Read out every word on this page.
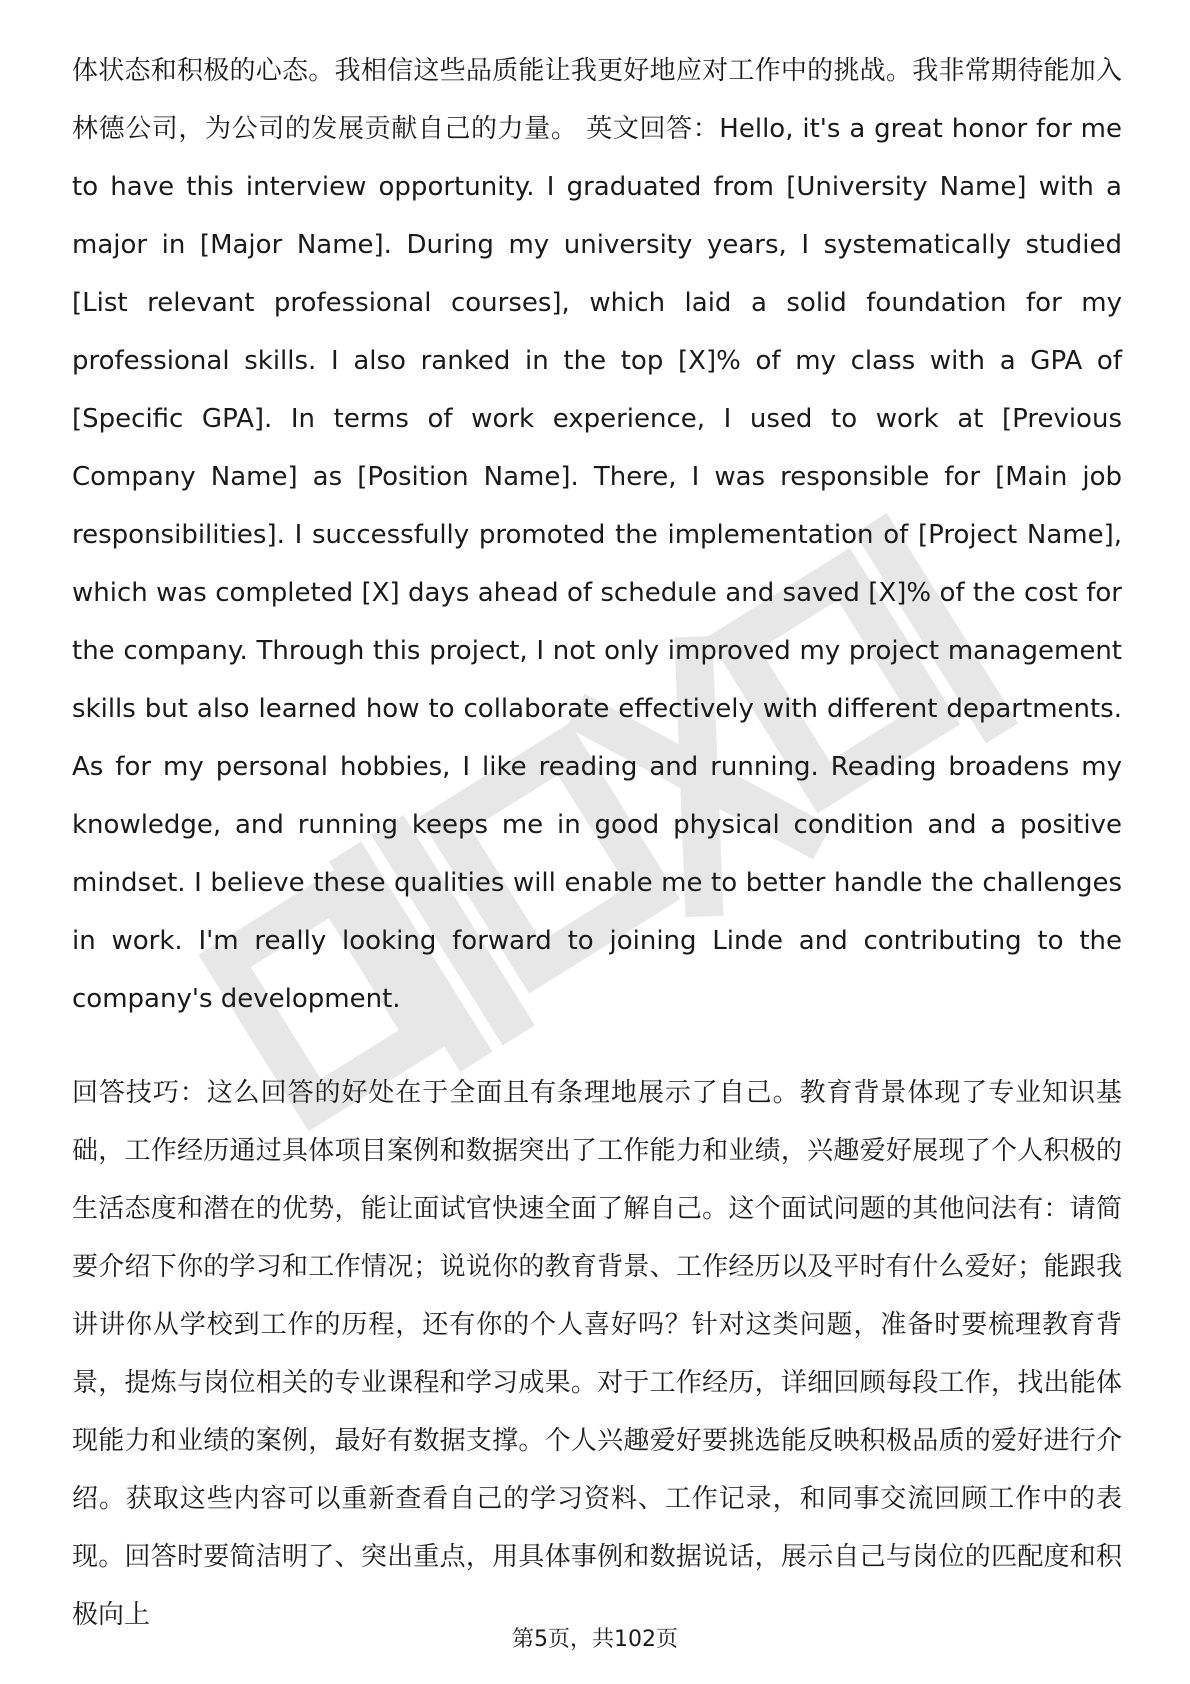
体状态和积极的心态。我相信这些品质能让我更好地应对工作中的挑战。我非常期待能加入林德公司，为公司的发展贡献自己的力量。 英文回答：Hello, it's a great honor for me to have this interview opportunity. I graduated from [University Name] with a major in [Major Name]. During my university years, I systematically studied [List relevant professional courses], which laid a solid foundation for my professional skills. I also ranked in the top [X]% of my class with a GPA of [Specific GPA]. In terms of work experience, I used to work at [Previous Company Name] as [Position Name]. There, I was responsible for [Main job responsibilities]. I successfully promoted the implementation of [Project Name], which was completed [X] days ahead of schedule and saved [X]% of the cost for the company. Through this project, I not only improved my project management skills but also learned how to collaborate effectively with different departments. As for my personal hobbies, I like reading and running. Reading broadens my knowledge, and running keeps me in good physical condition and a positive mindset. I believe these qualities will enable me to better handle the challenges in work. I'm really looking forward to joining Linde and contributing to the company's development.

回答技巧：这么回答的好处在于全面且有条理地展示了自己。教育背景体现了专业知识基础，工作经历通过具体项目案例和数据突出了工作能力和业绩，兴趣爱好展现了个人积极的生活态度和潜在的优势，能让面试官快速全面了解自己。这个面试问题的其他问法有：请简要介绍下你的学习和工作情况；说说你的教育背景、工作经历以及平时有什么爱好；能跟我讲讲你从学校到工作的历程，还有你的个人喜好吗？针对这类问题，准备时要梳理教育背景，提炼与岗位相关的专业课程和学习成果。对于工作经历，详细回顾每段工作，找出能体现能力和业绩的案例，最好有数据支撑。个人兴趣爱好要挑选能反映积极品质的爱好进行介绍。获取这些内容可以重新查看自己的学习资料、工作记录，和同事交流回顾工作中的表现。回答时要简洁明了、突出重点，用具体事例和数据说话，展示自己与岗位的匹配度和积极向上

第5页，共102页
